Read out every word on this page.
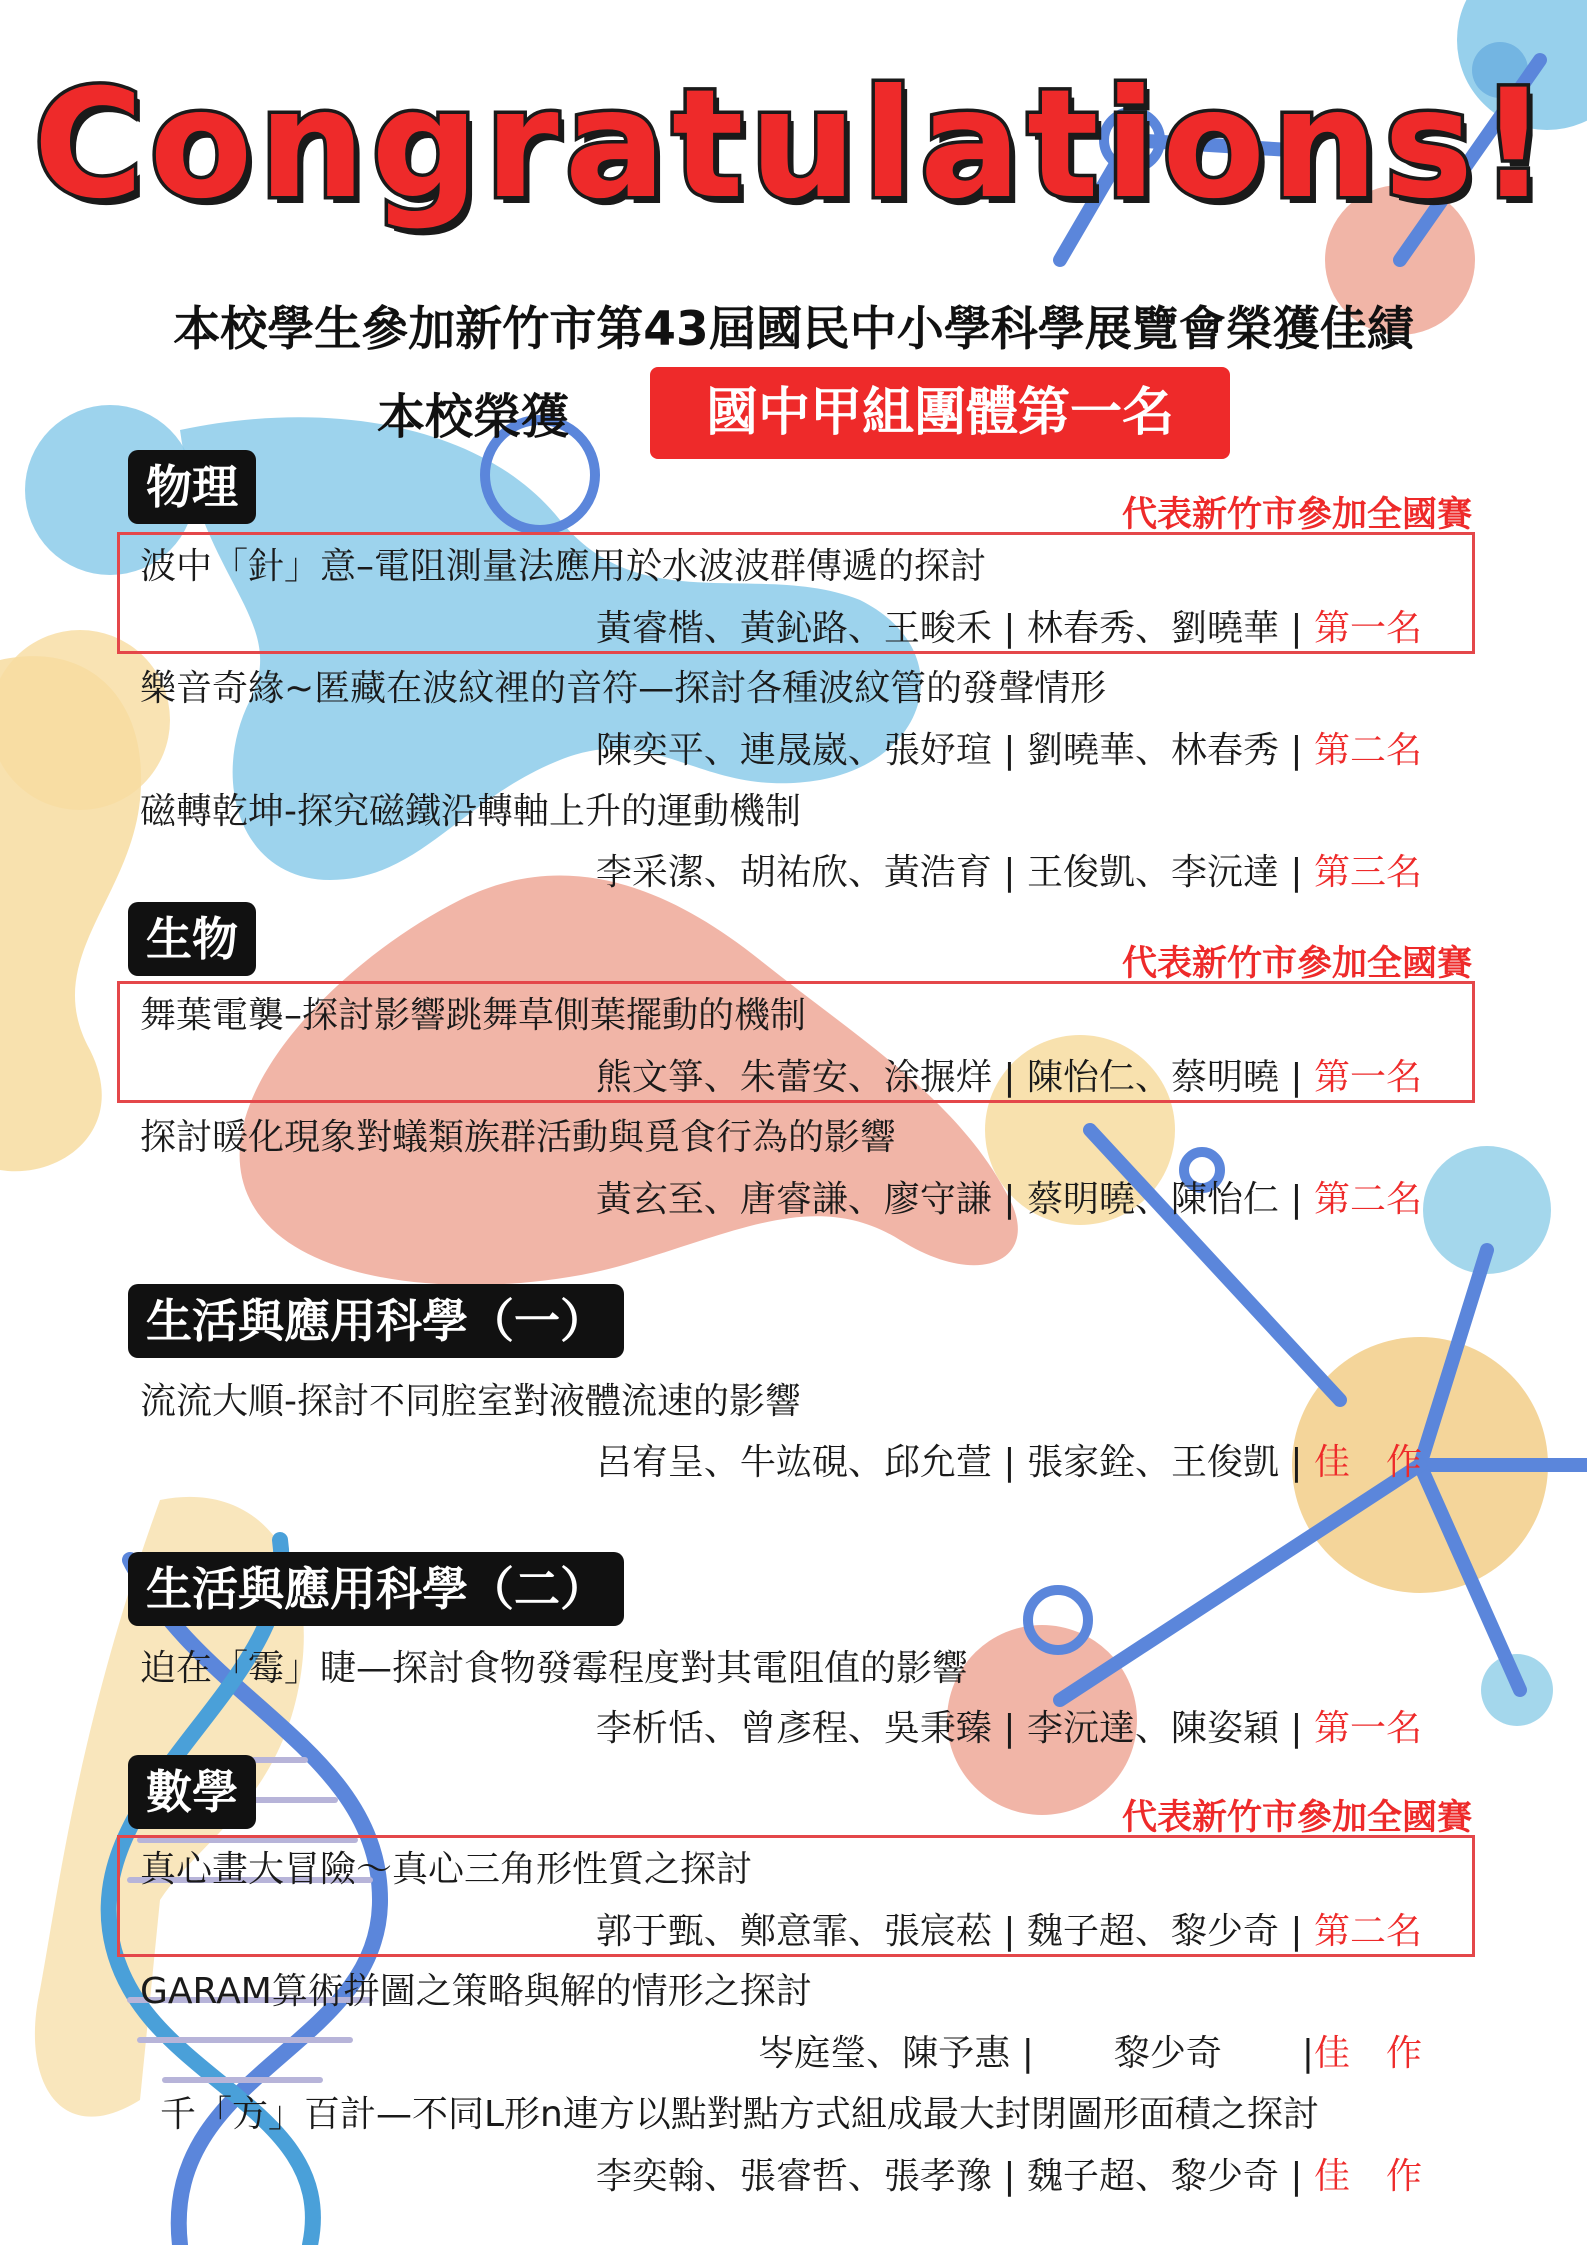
Congratulations!
本校學生參加新竹市第43屆國民中小學科學展覽會榮獲佳績
本校榮獲	國中甲組團體第一名
物理
代表新竹市參加全國賽
波中「針」意–電阻測量法應用於水波波群傳遞的探討
黃睿楷、黃鈊路、王畯禾 | 林春秀、劉曉華 | 第一名
樂音奇緣~匿藏在波紋裡的音符—探討各種波紋管的發聲情形
陳奕平、連晟崴、張妤瑄 | 劉曉華、林春秀 | 第二名
磁轉乾坤-探究磁鐵沿轉軸上升的運動機制
李采潔、胡祐欣、黃浩育 | 王俊凱、李沅達 | 第三名
生物	代表新竹市參加全國賽
舞葉電襲–探討影響跳舞草側葉擺動的機制
熊文箏、朱蕾安、涂搌烊 | 陳怡仁、蔡明曉 | 第一名
探討暖化現象對蟻類族群活動與覓食行為的影響
黃玄至、唐睿謙、廖守謙 | 蔡明曉、陳怡仁 | 第二名
生活與應用科學（一）
流流大順-探討不同腔室對液體流速的影響
呂宥呈、牛竑硯、邱允萱 | 張家銓、王俊凱 | 佳　作
生活與應用科學（二）
迫在「霉」睫—探討食物發霉程度對其電阻值的影響
李析恬、曾彥程、吳秉臻 | 李沅達、陳姿穎 | 第一名
數學	代表新竹市參加全國賽
真心畫大冒險～真心三角形性質之探討
郭于甄、鄭意霏、張宸菘 | 魏子超、黎少奇 | 第二名
GARAM算術拼圖之策略與解的情形之探討
岑庭瑩、陳予惠 | 黎少奇 |佳　作
千「方」百計—不同L形n連方以點對點方式組成最大封閉圖形面積之探討
李奕翰、張睿哲、張孝豫 | 魏子超、黎少奇 | 佳　作
